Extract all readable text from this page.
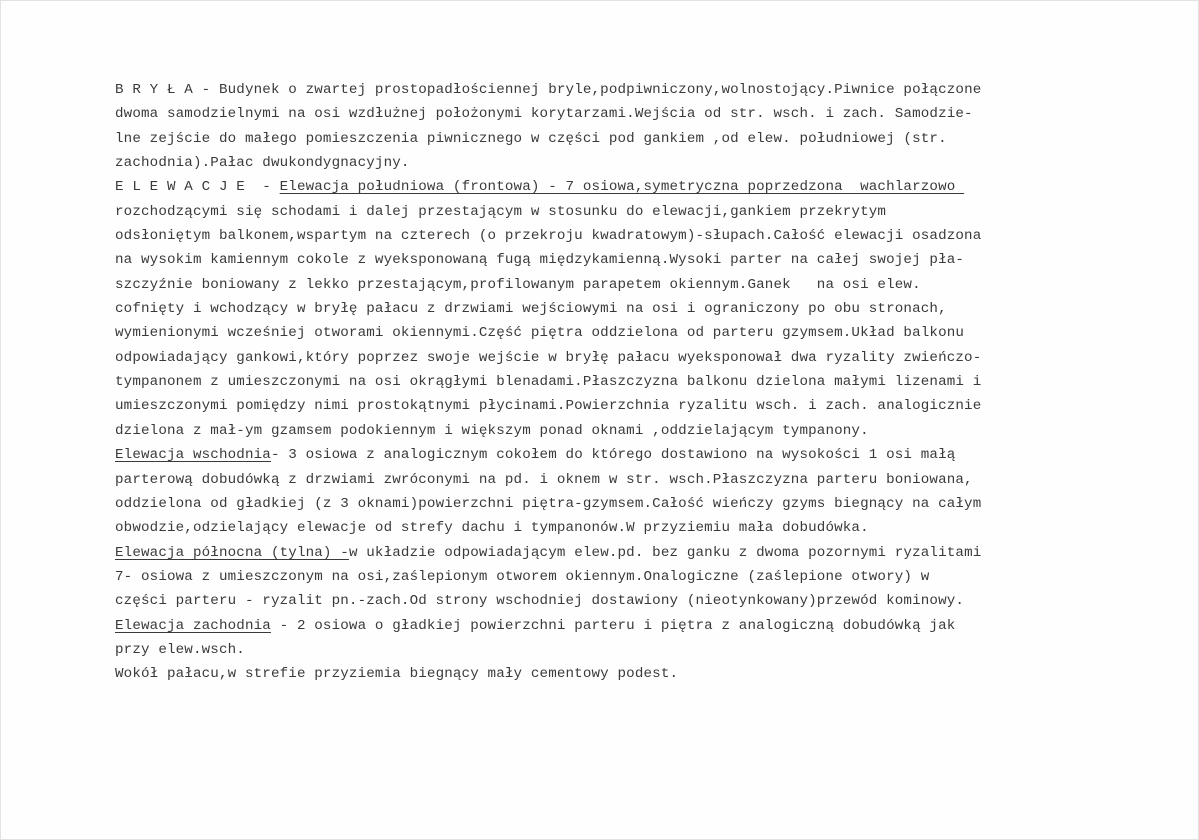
B R Y Ł A - Budynek o zwartej prostopadłościennej bryle,podpiwniczony,wolnostojący.Piwnice połączone
dwoma samodzielnymi na osi wzdłużnej położonymi korytarzami.Wejścia od str. wsch. i zach. Samodzie-
lne zejście do małego pomieszczenia piwnicznego w części pod gankiem ,od elew. południowej (str.
zachodnia).Pałac dwukondygnacyjny.
E L E W A C J E  - Elewacja południowa (frontowa) - 7 osiowa,symetryczna poprzedzona  wachlarzowo
rozchodzącymi się schodami i dalej przestającym w stosunku do elewacji,gankiem przekrytym
odsłoniętym balkonem,wspartym na czterech (o przekroju kwadratowym)-słupach.Całość elewacji osadzona
na wysokim kamiennym cokole z wyeksponowaną fugą międzykamienną.Wysoki parter na całej swojej pła-
szczyźnie boniowany z lekko przestającym,profilowanym parapetem okiennym.Ganek   na osi elew.
cofnięty i wchodzący w bryłę pałacu z drzwiami wejściowymi na osi i ograniczony po obu stronach,
wymienionymi wcześniej otworami okiennymi.Część piętra oddzielona od parteru gzymsem.Układ balkonu
odpowiadający gankowi,który poprzez swoje wejście w bryłę pałacu wyeksponował dwa ryzality zwieńczo-
tympanonem z umieszczonymi na osi okrągłymi blenadami.Płaszczyzna balkonu dzielona małymi lizenami i
umieszczonymi pomiędzy nimi prostokątnymi płycinami.Powierzchnia ryzalitu wsch. i zach. analogicznie
dzielona z mał-ym gzamsem podokiennym i większym ponad oknami ,oddzielającym tympanony.
Elewacja wschodnia- 3 osiowa z analogicznym cokołem do którego dostawiono na wysokości 1 osi małą
parterową dobudówką z drzwiami zwróconymi na pd. i oknem w str. wsch.Płaszczyzna parteru boniowana,
oddzielona od gładkiej (z 3 oknami)powierzchni piętra-gzymsem.Całość wieńczy gzyms biegnący na całym
obwodzie,odzielający elewacje od strefy dachu i tympanonów.W przyziemiu mała dobudówka.
Elewacja północna (tylna) -w układzie odpowiadającym elew.pd. bez ganku z dwoma pozornymi ryzalitami
7- osiowa z umieszczonym na osi,zaślepionym otworem okiennym.Onalogiczne (zaślepione otwory) w
części parteru - ryzalit pn.-zach.Od strony wschodniej dostawiony (nieotynkowany)przewód kominowy.
Elewacja zachodnia - 2 osiowa o gładkiej powierzchni parteru i piętra z analogiczną dobudówką jak
przy elew.wsch.
Wokół pałacu,w strefie przyziemia biegnący mały cementowy podest.
